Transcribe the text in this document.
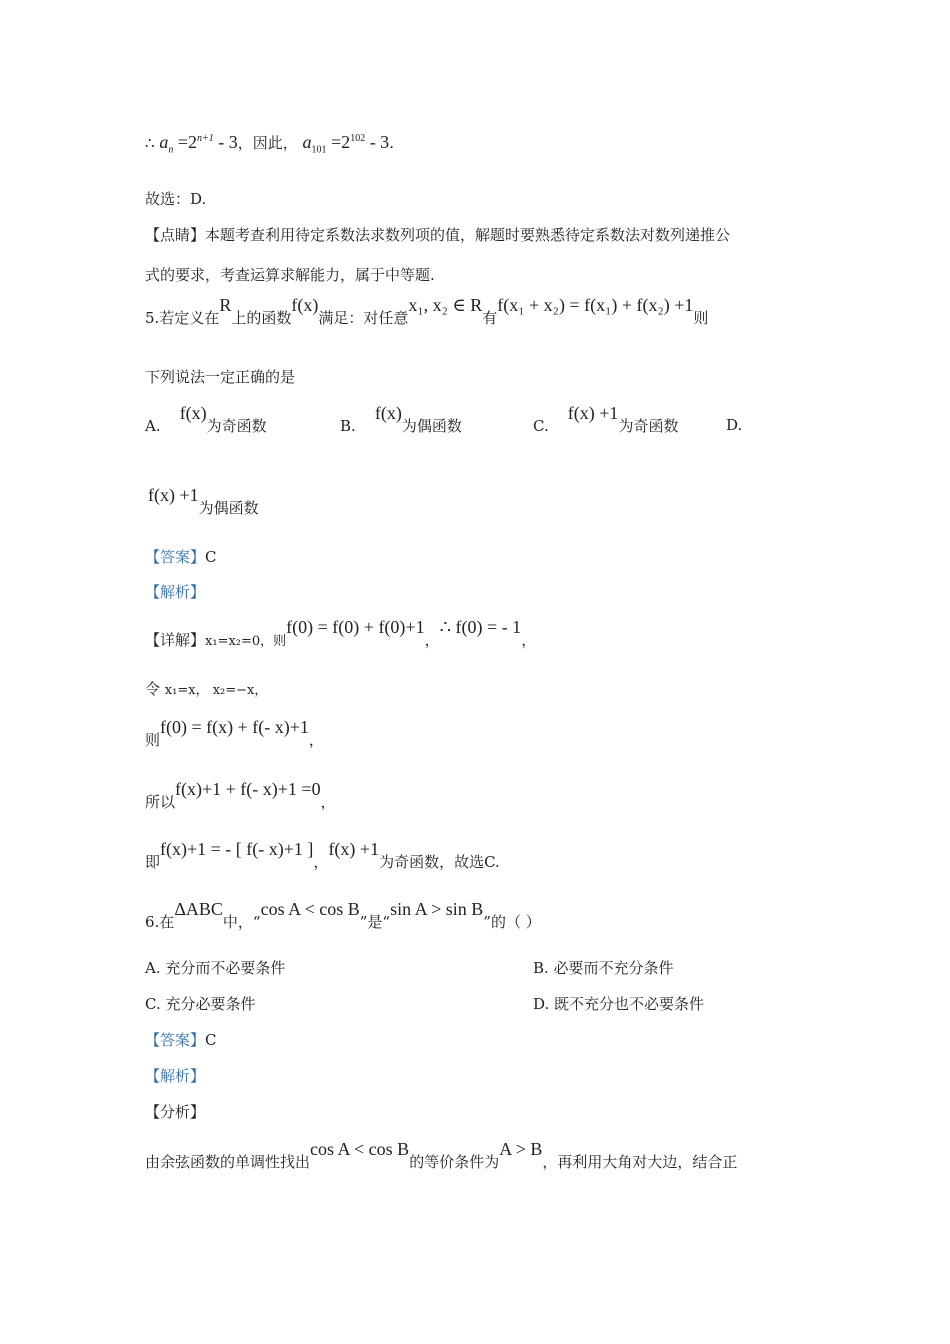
∴ $a_n =2^{n+1} - 3$，因此， $a_{101} =2^{102} - 3$.
故选：D.
【点睛】本题考查利用待定系数法求数列项的值，解题时要熟悉待定系数法对数列递推公
式的要求，考查运算求解能力，属于中等题.
5.若定义在R上的函数f(x)满足：对任意x₁, x₂ ∈ R有f(x₁ + x₂) = f(x₁) + f(x₂) +1则
下列说法一定正确的是
A.    f(x)为奇函数	B.    f(x)为偶函数	C.    f(x) +1为奇函数	D.
f(x) +1为偶函数
【答案】C
【解析】
【详解】x₁=x₂=0，则f(0) = f(0) + f(0)+1，∴ f(0) = - 1，
令 x₁=x， x₂=−x，
则f(0) = f(x) + f(- x)+1，
所以f(x)+1 + f(- x)+1 =0，
即f(x)+1 = - [ f(- x)+1 ]，f(x) +1为奇函数，故选C.
6.在ΔABC中，“cos A < cos B”是“sin A > sin B”的（ ）
A. 充分而不必要条件	B. 必要而不充分条件
C. 充分必要条件	D. 既不充分也不必要条件
【答案】C
【解析】
【分析】
由余弦函数的单调性找出cos A < cos B的等价条件为A > B，再利用大角对大边，结合正
